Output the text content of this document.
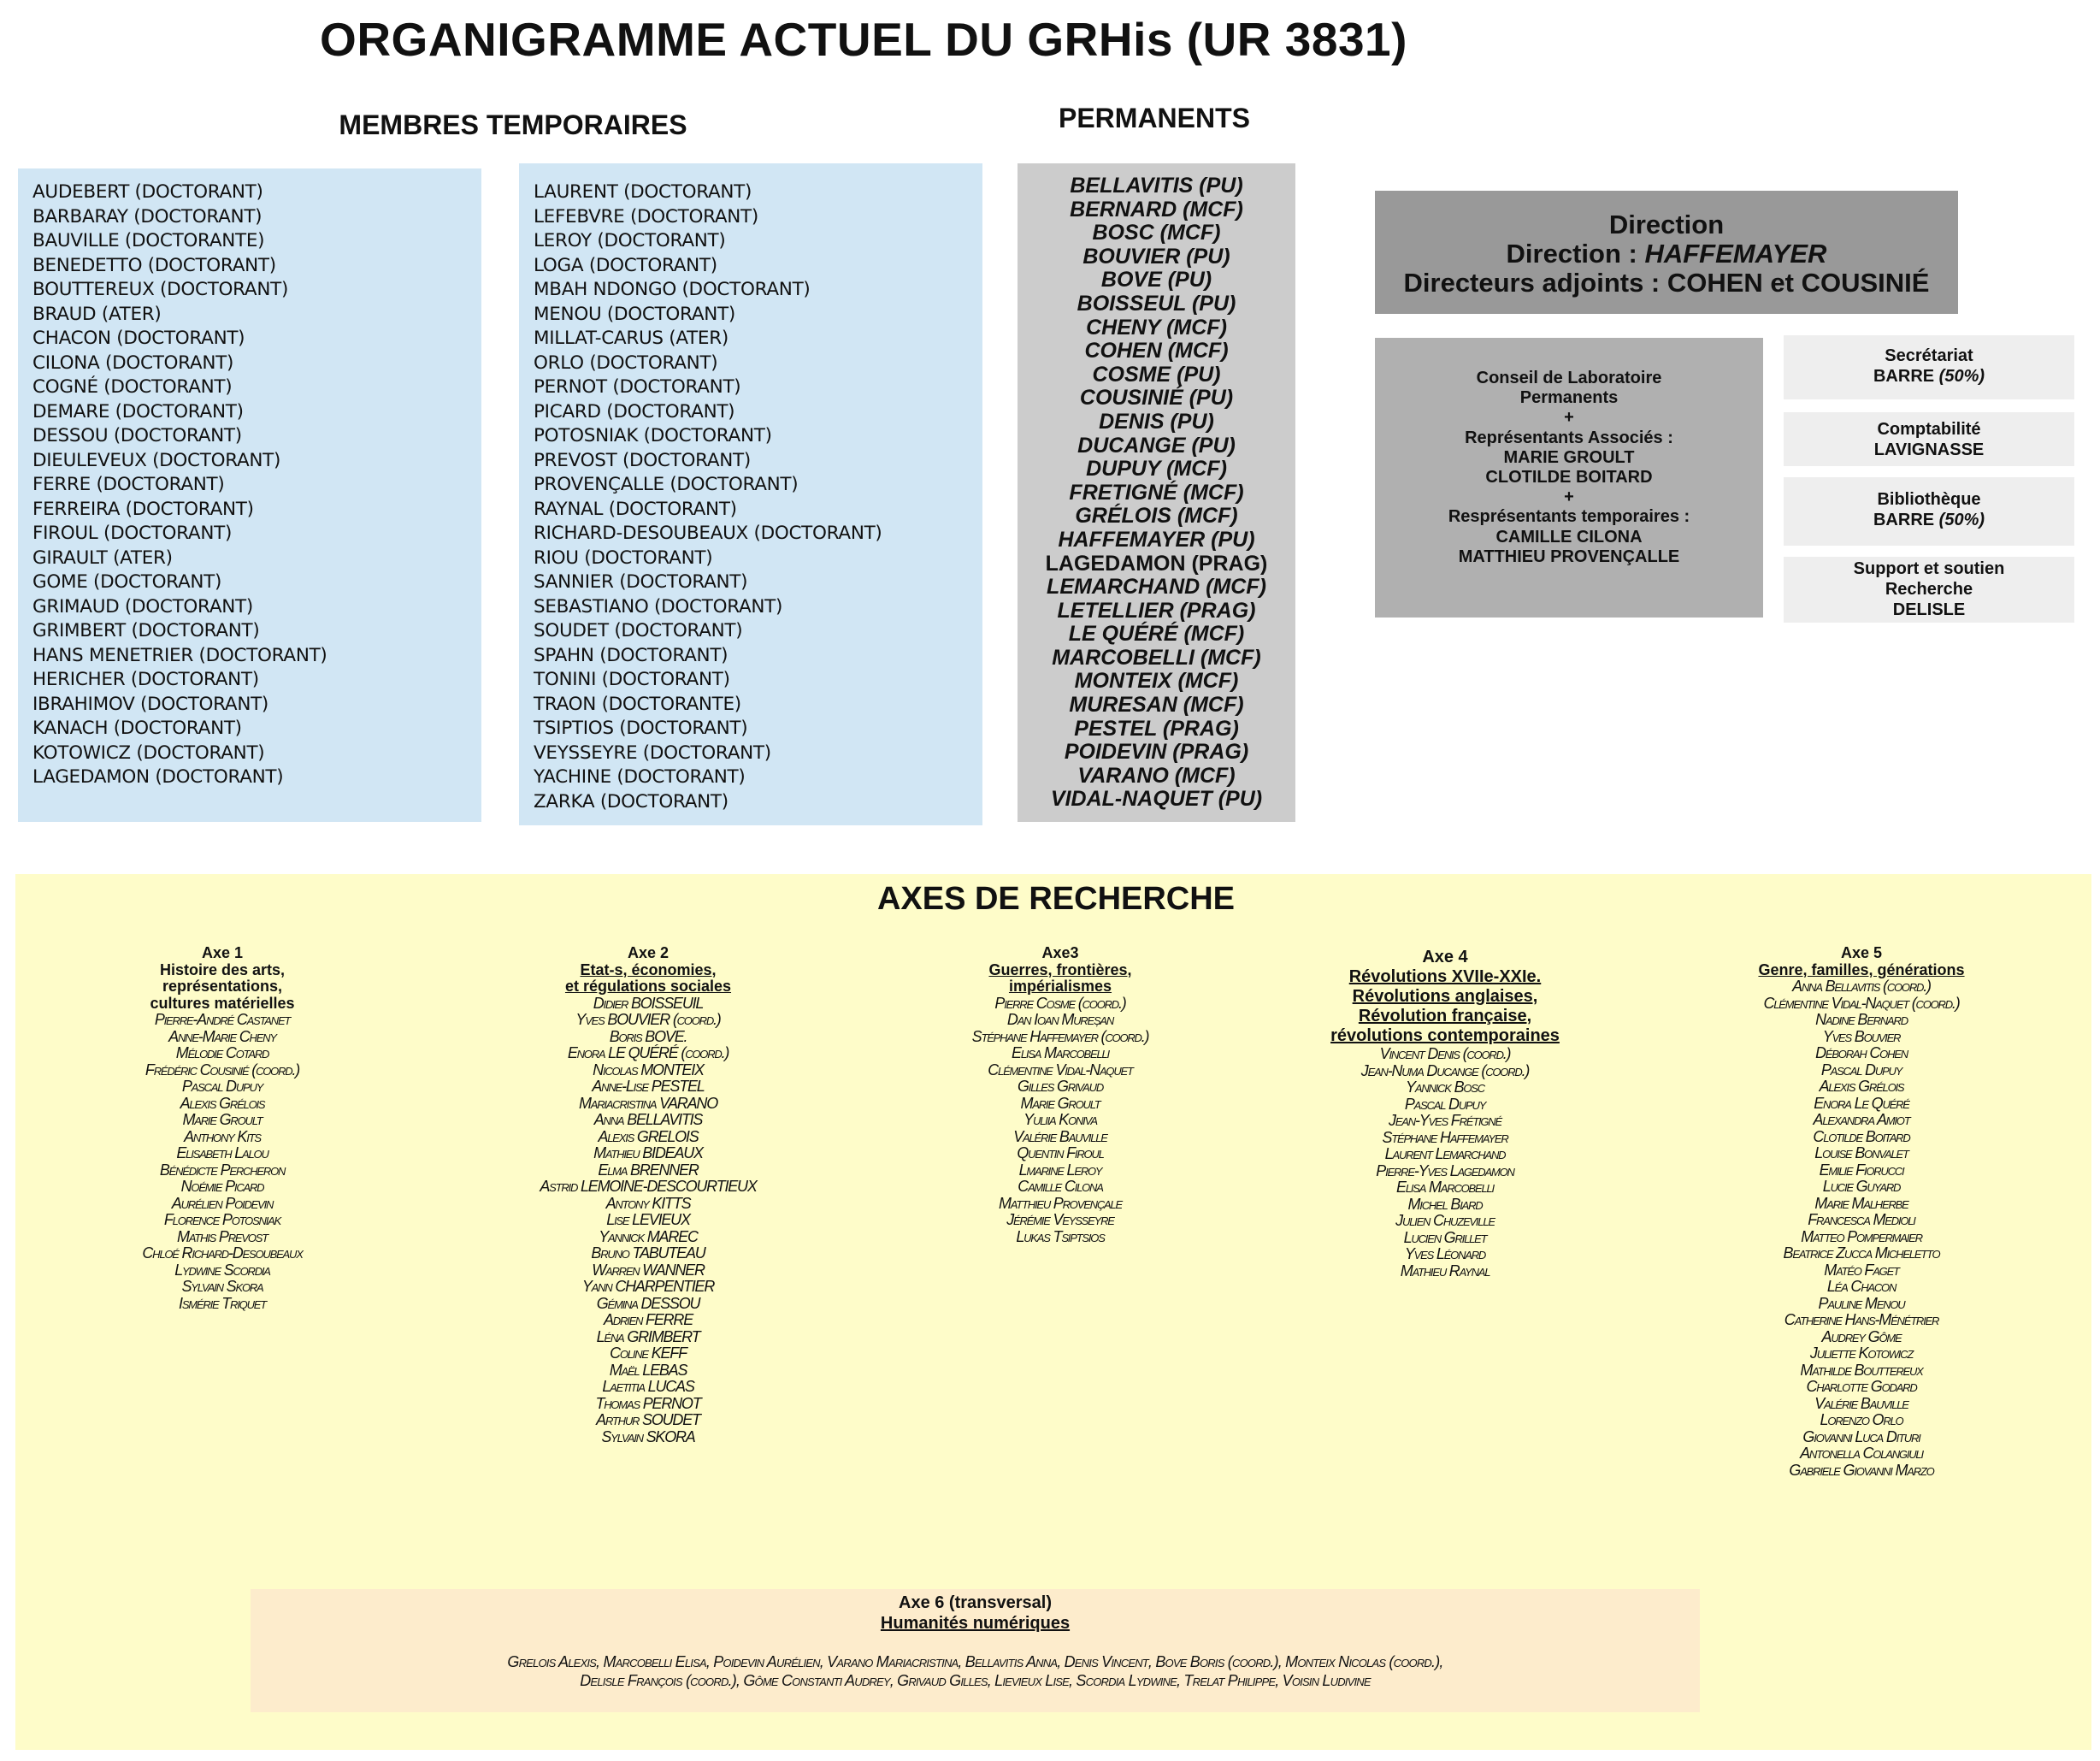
ORGANIGRAMME ACTUEL DU GRHis (UR 3831)
MEMBRES TEMPORAIRES	PERMANENTS
AUDEBERT (DOCTORANT)
BARBARAY (DOCTORANT)
BAUVILLE (DOCTORANTE)
BENEDETTO (DOCTORANT)
BOUTTEREUX (DOCTORANT)
BRAUD (ATER)
CHACON (DOCTORANT)
CILONA (DOCTORANT)
COGNÉ (DOCTORANT)
DEMARE (DOCTORANT)
DESSOU (DOCTORANT)
DIEULEVEUX (DOCTORANT)
FERRE (DOCTORANT)
FERREIRA (DOCTORANT)
FIROUL (DOCTORANT)
GIRAULT (ATER)
GOME (DOCTORANT)
GRIMAUD (DOCTORANT)
GRIMBERT (DOCTORANT)
HANS MENETRIER (DOCTORANT)
HERICHER (DOCTORANT)
IBRAHIMOV (DOCTORANT)
KANACH (DOCTORANT)
KOTOWICZ (DOCTORANT)
LAGEDAMON (DOCTORANT)
LAURENT (DOCTORANT)
LEFEBVRE (DOCTORANT)
LEROY (DOCTORANT)
LOGA (DOCTORANT)
MBAH NDONGO (DOCTORANT)
MENOU (DOCTORANT)
MILLAT-CARUS (ATER)
ORLO (DOCTORANT)
PERNOT (DOCTORANT)
PICARD (DOCTORANT)
POTOSNIAK (DOCTORANT)
PREVOST (DOCTORANT)
PROVENÇALLE (DOCTORANT)
RAYNAL (DOCTORANT)
RICHARD-DESOUBEAUX (DOCTORANT)
RIOU (DOCTORANT)
SANNIER (DOCTORANT)
SEBASTIANO (DOCTORANT)
SOUDET (DOCTORANT)
SPAHN (DOCTORANT)
TONINI (DOCTORANT)
TRAON (DOCTORANTE)
TSIPTIOS (DOCTORANT)
VEYSSEYRE (DOCTORANT)
YACHINE (DOCTORANT)
ZARKA (DOCTORANT)
BELLAVITIS (PU)
BERNARD (MCF)
BOSC (MCF)
BOUVIER (PU)
BOVE (PU)
BOISSEUL (PU)
CHENY (MCF)
COHEN (MCF)
COSME (PU)
COUSINIÉ (PU)
DENIS (PU)
DUCANGE (PU)
DUPUY (MCF)
FRETIGNÉ (MCF)
GRÉLOIS (MCF)
HAFFEMAYER (PU)
LAGEDAMON (PRAG)
LEMARCHAND (MCF)
LETELLIER (PRAG)
LE QUÉRÉ (MCF)
MARCOBELLI (MCF)
MONTEIX (MCF)
MURESAN (MCF)
PESTEL (PRAG)
POIDEVIN (PRAG)
VARANO (MCF)
VIDAL-NAQUET (PU)
Direction
Direction : HAFFEMAYER
Directeurs adjoints : COHEN et COUSINIÉ
Conseil de Laboratoire
Permanents
+
Représentants Associés :
MARIE GROULT
CLOTILDE BOITARD
+
Resprésentants temporaires :
CAMILLE CILONA
MATTHIEU PROVENÇALLE
Secrétariat
BARRE (50%)
Comptabilité
LAVIGNASSE
Bibliothèque
BARRE (50%)
Support et soutien
Recherche
DELISLE
AXES DE RECHERCHE
Axe 1
Histoire des arts,
représentations,
cultures matérielles
Pierre-André Castanet
Anne-Marie Cheny
Mélodie Cotard
Frédéric Cousinié (coord.)
Pascal Dupuy
Alexis Grélois
Marie Groult
Anthony Kits
Elisabeth Lalou
Bénédicte Percheron
Noémie Picard
Aurélien Poidevin
Florence Potosniak
Mathis Prevost
Chloé Richard-Desoubeaux
Lydwine Scordia
Sylvain Skora
Ismérie Triquet
Axe 2
Etat-s, économies,
et régulations sociales
Didier BOISSEUIL
Yves BOUVIER (coord.)
Boris BOVE.
Enora LE QUÉRÉ (coord.)
Nicolas MONTEIX
Anne-Lise PESTEL
Mariacristina VARANO
Anna BELLAVITIS
Alexis GRELOIS
Mathieu BIDEAUX
Elma BRENNER
Astrid LEMOINE-DESCOURTIEUX
Antony KITTS
Lise LEVIEUX
Yannick MAREC
Bruno TABUTEAU
Warren WANNER
Yann CHARPENTIER
Gémina DESSOU
Adrien FERRE
Léna GRIMBERT
Coline KEFF
Maël LEBAS
Laetitia LUCAS
Thomas PERNOT
Arthur SOUDET
Sylvain SKORA
Axe3
Guerres, frontières,
impérialismes
Pierre Cosme (coord.)
Dan Ioan Mureșan
Stéphane Haffemayer (coord.)
Elisa Marcobelli
Clémentine Vidal-Naquet
Gilles Grivaud
Marie Groult
Yuliia Koniva
Valérie Bauville
Quentin Firoul
Lmarine Leroy
Camille Cilona
Matthieu Provençale
Jérémie Veysseyre
Lukas Tsiptsios
Axe 4
Révolutions XVIIe-XXIe.
Révolutions anglaises,
Révolution française,
révolutions contemporaines
Vincent Denis (coord.)
Jean-Numa Ducange (coord.)
Yannick Bosc
Pascal Dupuy
Jean-Yves Frétigné
Stéphane Haffemayer
Laurent Lemarchand
Pierre-Yves Lagedamon
Elisa Marcobelli
Michel Biard
Julien Chuzeville
Lucien Grillet
Yves Léonard
Mathieu Raynal
Axe 5
Genre, familles, générations
Anna Bellavitis (coord.)
Clémentine Vidal-Naquet (coord.)
Nadine Bernard
Yves Bouvier
Déborah Cohen
Pascal Dupuy
Alexis Grélois
Enora Le Quéré
Alexandra Amiot
Clotilde Boitard
Louise Bonvalet
Emilie Fiorucci
Lucie Guyard
Marie Malherbe
Francesca Medioli
Matteo Pompermaier
Beatrice Zucca Micheletto
Matéo Faget
Léa Chacon
Pauline Menou
Catherine Hans-Ménétrier
Audrey Gôme
Juliette Kotowicz
Mathilde Bouttereux
Charlotte Godard
Valérie Bauville
Lorenzo Orlo
Giovanni Luca Dituri
Antonella Colangiuli
Gabriele Giovanni Marzo
Axe 6 (transversal)
Humanités numériques
Grelois Alexis, Marcobelli Elisa, Poidevin Aurélien, Varano Mariacristina, Bellavitis Anna, Denis Vincent, Bove Boris (coord.), Monteix Nicolas (coord.),
Delisle François (coord.), Gôme Constanti Audrey, Grivaud Gilles, Lievieux Lise, Scordia Lydwine, Trelat Philippe, Voisin Ludivine
